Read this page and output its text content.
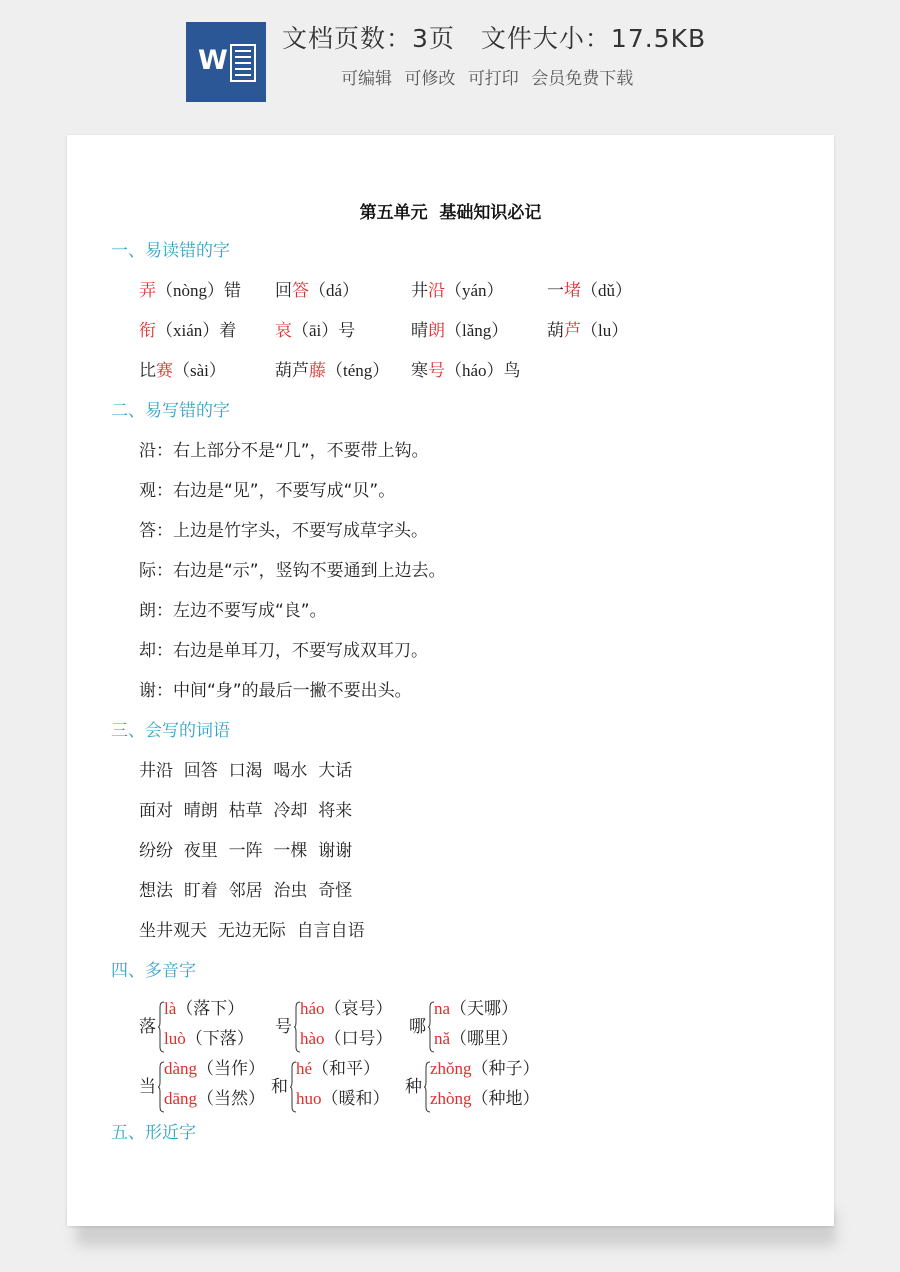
W
文档页数：3页 文件大小：17.5KB
可编辑 可修改 可打印 会员免费下载
第五单元  基础知识必记
一、易读错的字
弄（nòng）错 回答（dá）	井沿（yán）	一堵（dǔ）
衔（xián）着 哀（āi）号	晴朗（lǎng） 葫芦（lu）
比赛（sài）	葫芦藤（téng） 寒号（háo）鸟
二、易写错的字
沿：右上部分不是“几”，不要带上钩。
观：右边是“见”，不要写成“贝”。
答：上边是竹字头，不要写成草字头。
际：右边是“示”，竖钩不要通到上边去。
朗：左边不要写成“良”。
却：右边是单耳刀，不要写成双耳刀。
谢：中间“身”的最后一撇不要出头。
三、会写的词语
井沿  回答  口渴  喝水  大话
面对  晴朗  枯草  冷却  将来
纷纷  夜里  一阵  一棵  谢谢
想法  盯着  邻居  治虫  奇怪
坐井观天  无边无际  自言自语
四、多音字
落
là（落下）
luò（下落）
号
háo（哀号）
hào（口号）
哪
na（天哪）
nǎ（哪里）
当
dàng（当作）
dāng（当然）
和
hé（和平）
huo（暖和）
种
zhǒng（种子）
zhòng（种地）
五、形近字
